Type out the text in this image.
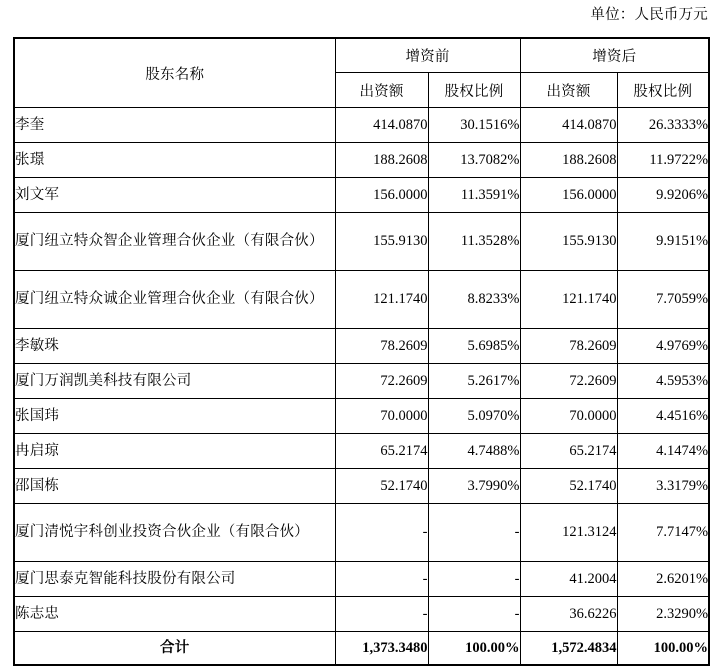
单位：人民币万元
股东名称	增资前		增资后	
	出资额	股权比例	出资额	股权比例
李奎	414.0870	30.1516%	414.0870	26.3333%
张璟	188.2608	13.7082%	188.2608	11.9722%
刘文军	156.0000	11.3591%	156.0000	9.9206%
厦门纽立特众智企业管理合伙企业（有限合伙）	155.9130	11.3528%	155.9130	9.9151%
厦门纽立特众诚企业管理合伙企业（有限合伙）	121.1740	8.8233%	121.1740	7.7059%
李敏珠	78.2609	5.6985%	78.2609	4.9769%
厦门万润凯美科技有限公司	72.2609	5.2617%	72.2609	4.5953%
张国玮	70.0000	5.0970%	70.0000	4.4516%
冉启琼	65.2174	4.7488%	65.2174	4.1474%
邵国栋	52.1740	3.7990%	52.1740	3.3179%
厦门清悦宇科创业投资合伙企业（有限合伙）	-	-	121.3124	7.7147%
厦门思泰克智能科技股份有限公司	-	-	41.2004	2.6201%
陈志忠	-	-	36.6226	2.3290%
合计	1,373.3480	100.00%	1,572.4834	100.00%
